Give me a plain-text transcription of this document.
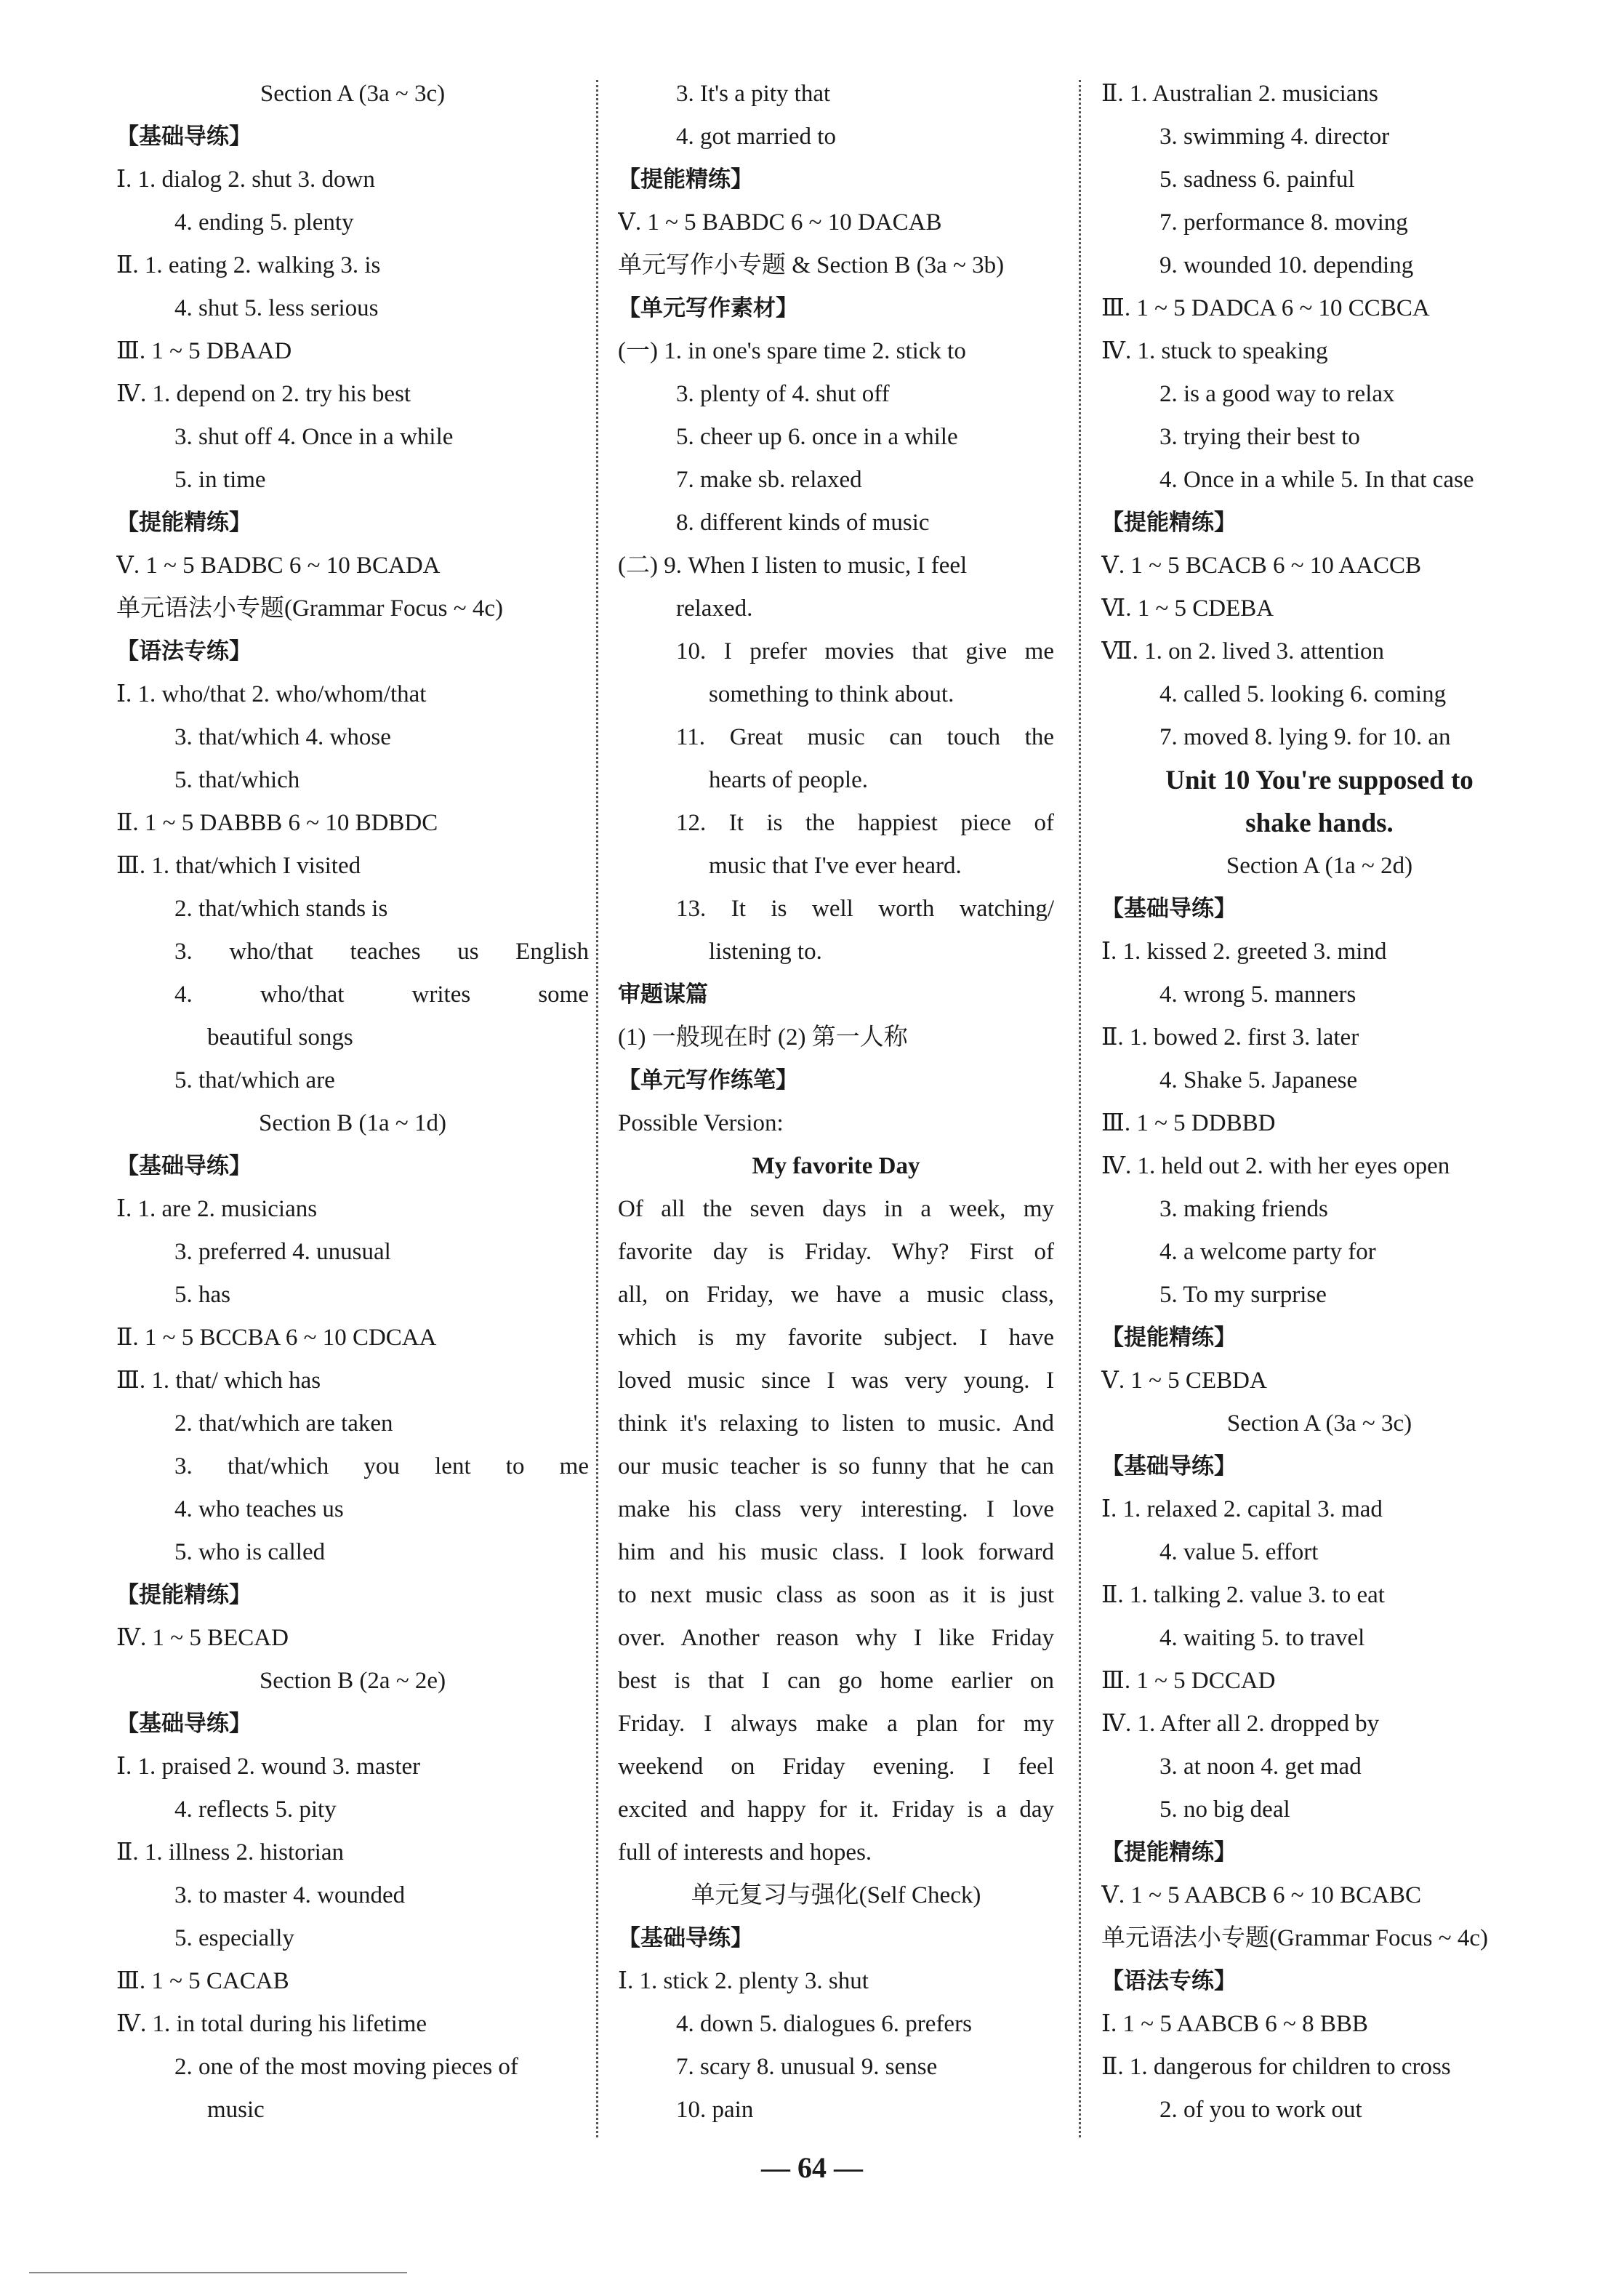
Section A (3a ~ 3c)
【基础导练】
Ⅰ. 1. dialog 2. shut 3. down
4. ending 5. plenty
Ⅱ. 1. eating 2. walking 3. is
4. shut 5. less serious
Ⅲ. 1 ~ 5 DBAAD
Ⅳ. 1. depend on 2. try his best
3. shut off 4. Once in a while
5. in time
【提能精练】
Ⅴ. 1 ~ 5 BADBC 6 ~ 10 BCADA
单元语法小专题(Grammar Focus ~ 4c)
【语法专练】
Ⅰ. 1. who/that 2. who/whom/that
3. that/which 4. whose
5. that/which
Ⅱ. 1 ~ 5 DABBB 6 ~ 10 BDBDC
Ⅲ. 1. that/which I visited
2. that/which stands is
3. who/that teaches us English
4. who/that writes some
beautiful songs
5. that/which are
Section B (1a ~ 1d)
【基础导练】
Ⅰ. 1. are 2. musicians
3. preferred 4. unusual
5. has
Ⅱ. 1 ~ 5 BCCBA 6 ~ 10 CDCAA
Ⅲ. 1. that/ which has
2. that/which are taken
3. that/which you lent to me
4. who teaches us
5. who is called
【提能精练】
Ⅳ. 1 ~ 5 BECAD
Section B (2a ~ 2e)
【基础导练】
Ⅰ. 1. praised 2. wound 3. master
4. reflects 5. pity
Ⅱ. 1. illness 2. historian
3. to master 4. wounded
5. especially
Ⅲ. 1 ~ 5 CACAB
Ⅳ. 1. in total during his lifetime
2. one of the most moving pieces of
music
3. It's a pity that
4. got married to
【提能精练】
Ⅴ. 1 ~ 5 BABDC 6 ~ 10 DACAB
单元写作小专题 & Section B (3a ~ 3b)
【单元写作素材】
(一) 1. in one's spare time 2. stick to
3. plenty of 4. shut off
5. cheer up 6. once in a while
7. make sb. relaxed
8. different kinds of music
(二) 9. When I listen to music, I feel
relaxed.
10. I prefer movies that give me
something to think about.
11. Great music can touch the
hearts of people.
12. It is the happiest piece of
music that I've ever heard.
13. It is well worth watching/
listening to.
审题谋篇
(1) 一般现在时 (2) 第一人称
【单元写作练笔】
Possible Version:
My favorite Day
Of all the seven days in a week, my
favorite day is Friday. Why? First of
all, on Friday, we have a music class,
which is my favorite subject. I have
loved music since I was very young. I
think it's relaxing to listen to music. And
our music teacher is so funny that he can
make his class very interesting. I love
him and his music class. I look forward
to next music class as soon as it is just
over. Another reason why I like Friday
best is that I can go home earlier on
Friday. I always make a plan for my
weekend on Friday evening. I feel
excited and happy for it. Friday is a day
full of interests and hopes.
单元复习与强化(Self Check)
【基础导练】
Ⅰ. 1. stick 2. plenty 3. shut
4. down 5. dialogues 6. prefers
7. scary 8. unusual 9. sense
10. pain
Ⅱ. 1. Australian 2. musicians
3. swimming 4. director
5. sadness 6. painful
7. performance 8. moving
9. wounded 10. depending
Ⅲ. 1 ~ 5 DADCA 6 ~ 10 CCBCA
Ⅳ. 1. stuck to speaking
2. is a good way to relax
3. trying their best to
4. Once in a while 5. In that case
【提能精练】
Ⅴ. 1 ~ 5 BCACB 6 ~ 10 AACCB
Ⅵ. 1 ~ 5 CDEBA
Ⅶ. 1. on 2. lived 3. attention
4. called 5. looking 6. coming
7. moved 8. lying 9. for 10. an
Unit 10 You're supposed to
shake hands.
Section A (1a ~ 2d)
【基础导练】
Ⅰ. 1. kissed 2. greeted 3. mind
4. wrong 5. manners
Ⅱ. 1. bowed 2. first 3. later
4. Shake 5. Japanese
Ⅲ. 1 ~ 5 DDBBD
Ⅳ. 1. held out 2. with her eyes open
3. making friends
4. a welcome party for
5. To my surprise
【提能精练】
Ⅴ. 1 ~ 5 CEBDA
Section A (3a ~ 3c)
【基础导练】
Ⅰ. 1. relaxed 2. capital 3. mad
4. value 5. effort
Ⅱ. 1. talking 2. value 3. to eat
4. waiting 5. to travel
Ⅲ. 1 ~ 5 DCCAD
Ⅳ. 1. After all 2. dropped by
3. at noon 4. get mad
5. no big deal
【提能精练】
Ⅴ. 1 ~ 5 AABCB 6 ~ 10 BCABC
单元语法小专题(Grammar Focus ~ 4c)
【语法专练】
Ⅰ. 1 ~ 5 AABCB 6 ~ 8 BBB
Ⅱ. 1. dangerous for children to cross
2. of you to work out
— 64 —
